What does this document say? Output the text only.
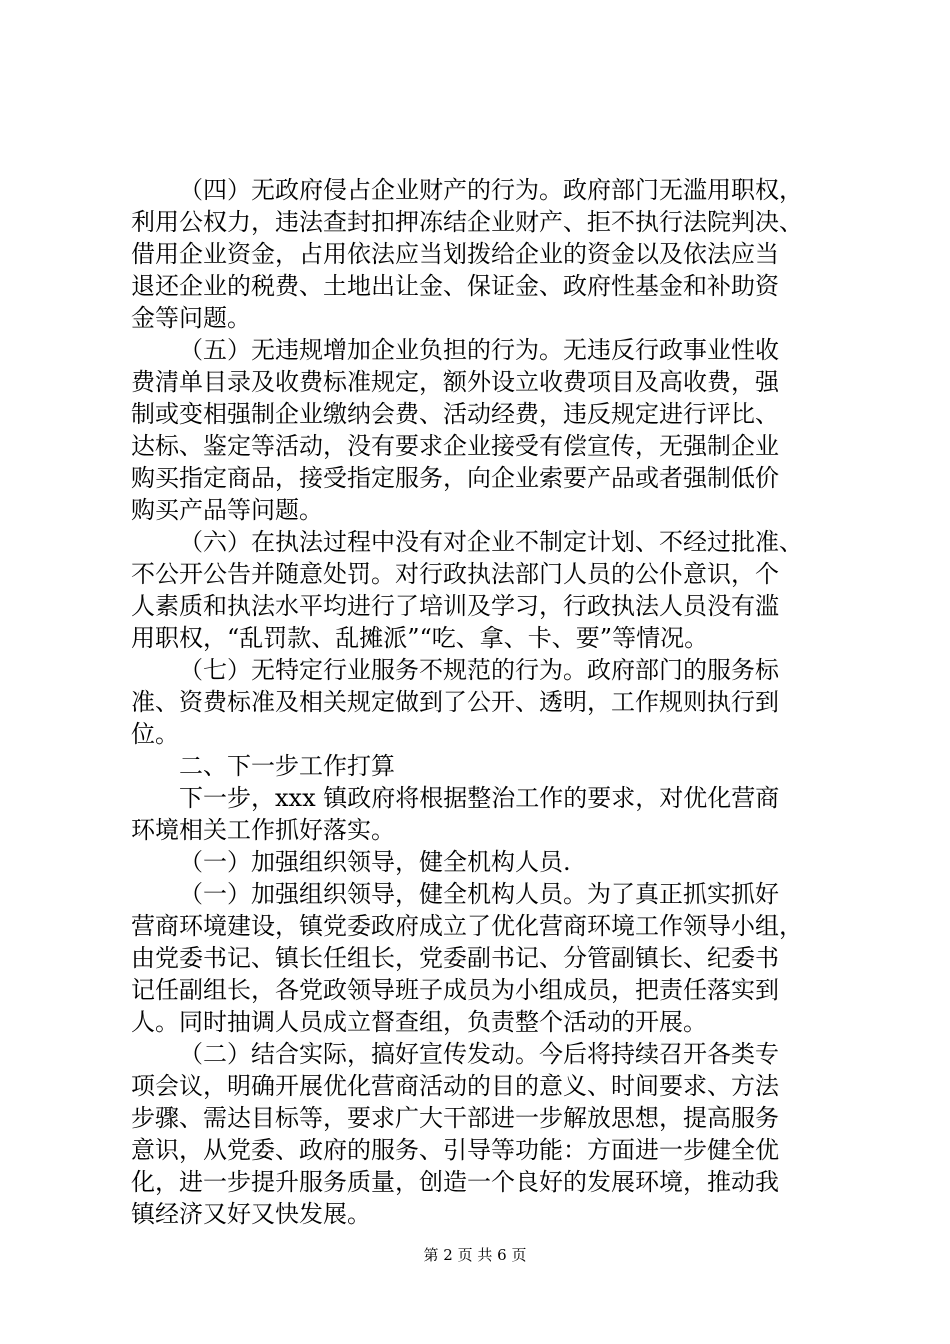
（四）无政府侵占企业财产的行为。政府部门无滥用职权，
利用公权力，违法查封扣押冻结企业财产、拒不执行法院判决、
借用企业资金，占用依法应当划拨给企业的资金以及依法应当
退还企业的税费、土地出让金、保证金、政府性基金和补助资
金等问题。
（五）无违规增加企业负担的行为。无违反行政事业性收
费清单目录及收费标准规定，额外设立收费项目及高收费，强
制或变相强制企业缴纳会费、活动经费，违反规定进行评比、
达标、鉴定等活动，没有要求企业接受有偿宣传，无强制企业
购买指定商品，接受指定服务，向企业索要产品或者强制低价
购买产品等问题。
（六）在执法过程中没有对企业不制定计划、不经过批准、
不公开公告并随意处罚。对行政执法部门人员的公仆意识，个
人素质和执法水平均进行了培训及学习，行政执法人员没有滥
用职权，“乱罚款、乱摊派”“吃、拿、卡、要”等情况。
（七）无特定行业服务不规范的行为。政府部门的服务标
准、资费标准及相关规定做到了公开、透明，工作规则执行到
位。
二、下一步工作打算
下一步，xxx 镇政府将根据整治工作的要求，对优化营商
环境相关工作抓好落实。
（一）加强组织领导，健全机构人员.
（一）加强组织领导，健全机构人员。为了真正抓实抓好
营商环境建设，镇党委政府成立了优化营商环境工作领导小组，
由党委书记、镇长任组长，党委副书记、分管副镇长、纪委书
记任副组长，各党政领导班子成员为小组成员，把责任落实到
人。同时抽调人员成立督查组，负责整个活动的开展。
（二）结合实际，搞好宣传发动。今后将持续召开各类专
项会议，明确开展优化营商活动的目的意义、时间要求、方法
步骤、需达目标等，要求广大干部进一步解放思想，提高服务
意识，从党委、政府的服务、引导等功能：方面进一步健全优
化，进一步提升服务质量，创造一个良好的发展环境，推动我
镇经济又好又快发展。
第 2 页 共 6 页
